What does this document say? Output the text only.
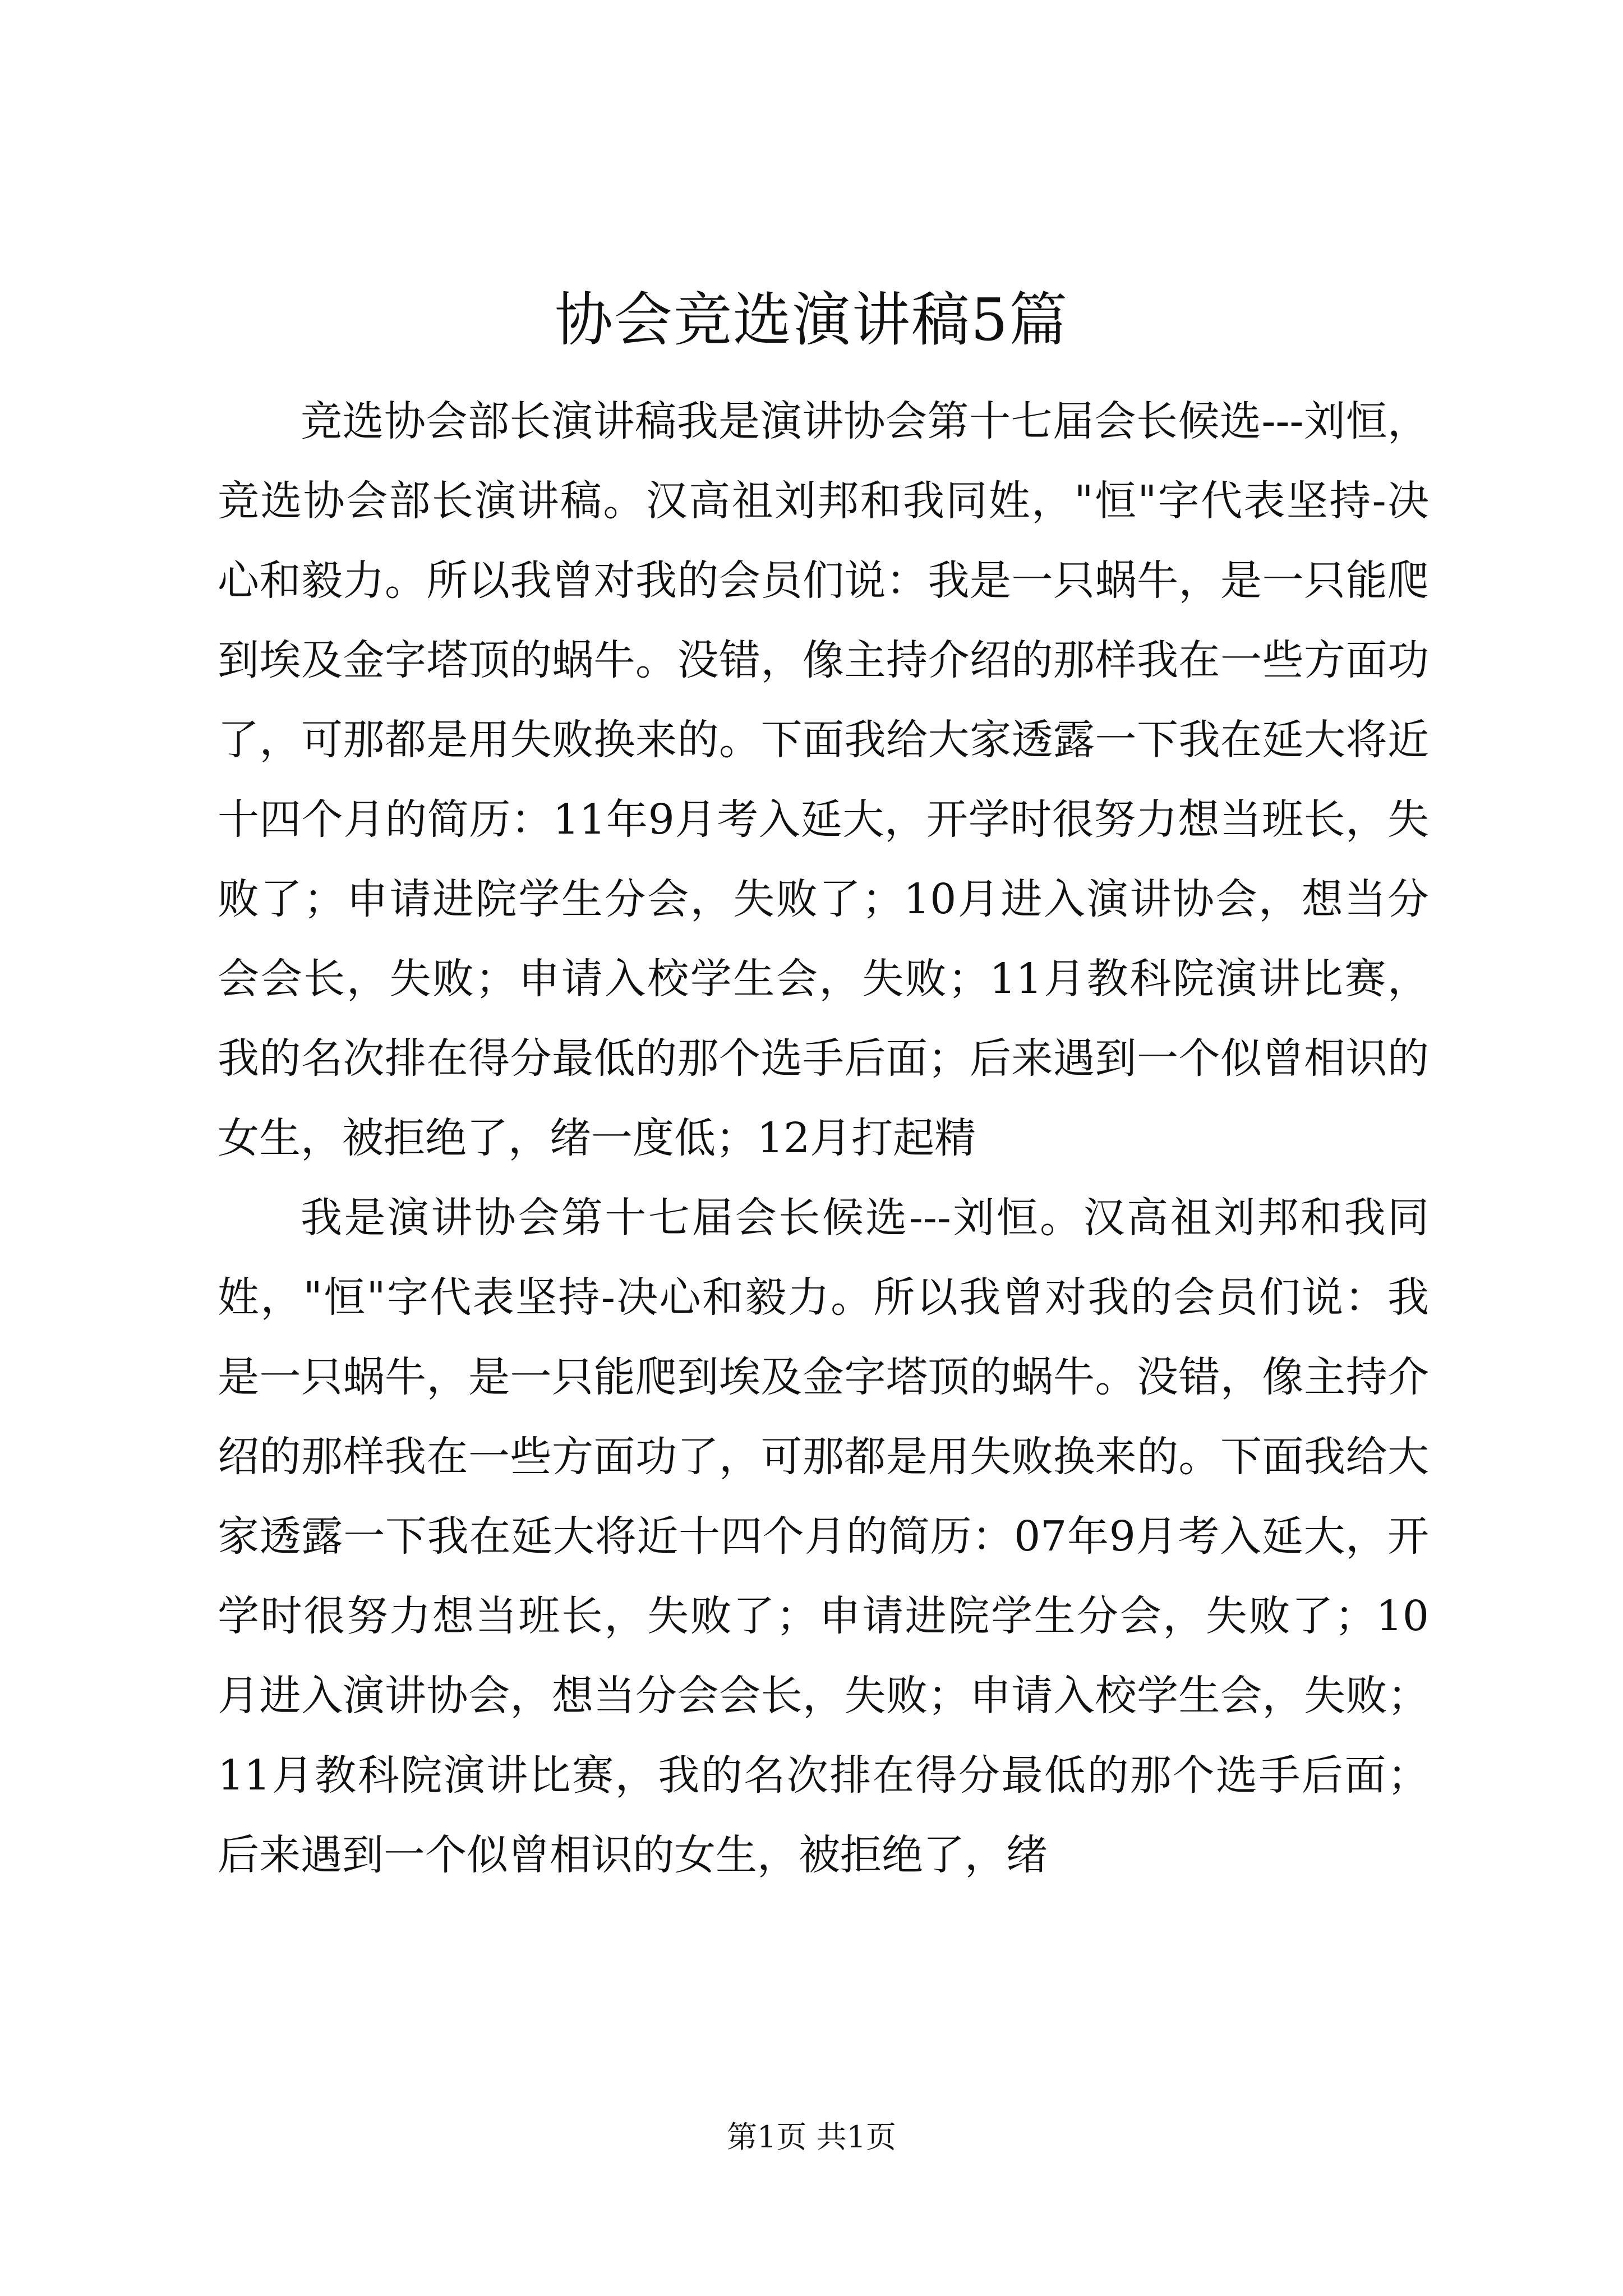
协会竞选演讲稿5篇

竞选协会部长演讲稿我是演讲协会第十七届会长候选---刘恒，竞选协会部长演讲稿。汉高祖刘邦和我同姓，"恒"字代表坚持-决心和毅力。所以我曾对我的会员们说：我是一只蜗牛，是一只能爬到埃及金字塔顶的蜗牛。没错，像主持介绍的那样我在一些方面功了，可那都是用失败换来的。下面我给大家透露一下我在延大将近十四个月的简历：11年9月考入延大，开学时很努力想当班长，失败了；申请进院学生分会，失败了；10月进入演讲协会，想当分会会长，失败；申请入校学生会，失败；11月教科院演讲比赛，我的名次排在得分最低的那个选手后面；后来遇到一个似曾相识的女生，被拒绝了，绪一度低；12月打起精

我是演讲协会第十七届会长候选---刘恒。汉高祖刘邦和我同姓，"恒"字代表坚持-决心和毅力。所以我曾对我的会员们说：我是一只蜗牛，是一只能爬到埃及金字塔顶的蜗牛。没错，像主持介绍的那样我在一些方面功了，可那都是用失败换来的。下面我给大家透露一下我在延大将近十四个月的简历：07年9月考入延大，开学时很努力想当班长，失败了；申请进院学生分会，失败了；10月进入演讲协会，想当分会会长，失败；申请入校学生会，失败；11月教科院演讲比赛，我的名次排在得分最低的那个选手后面；后来遇到一个似曾相识的女生，被拒绝了，绪

第1页 共1页
